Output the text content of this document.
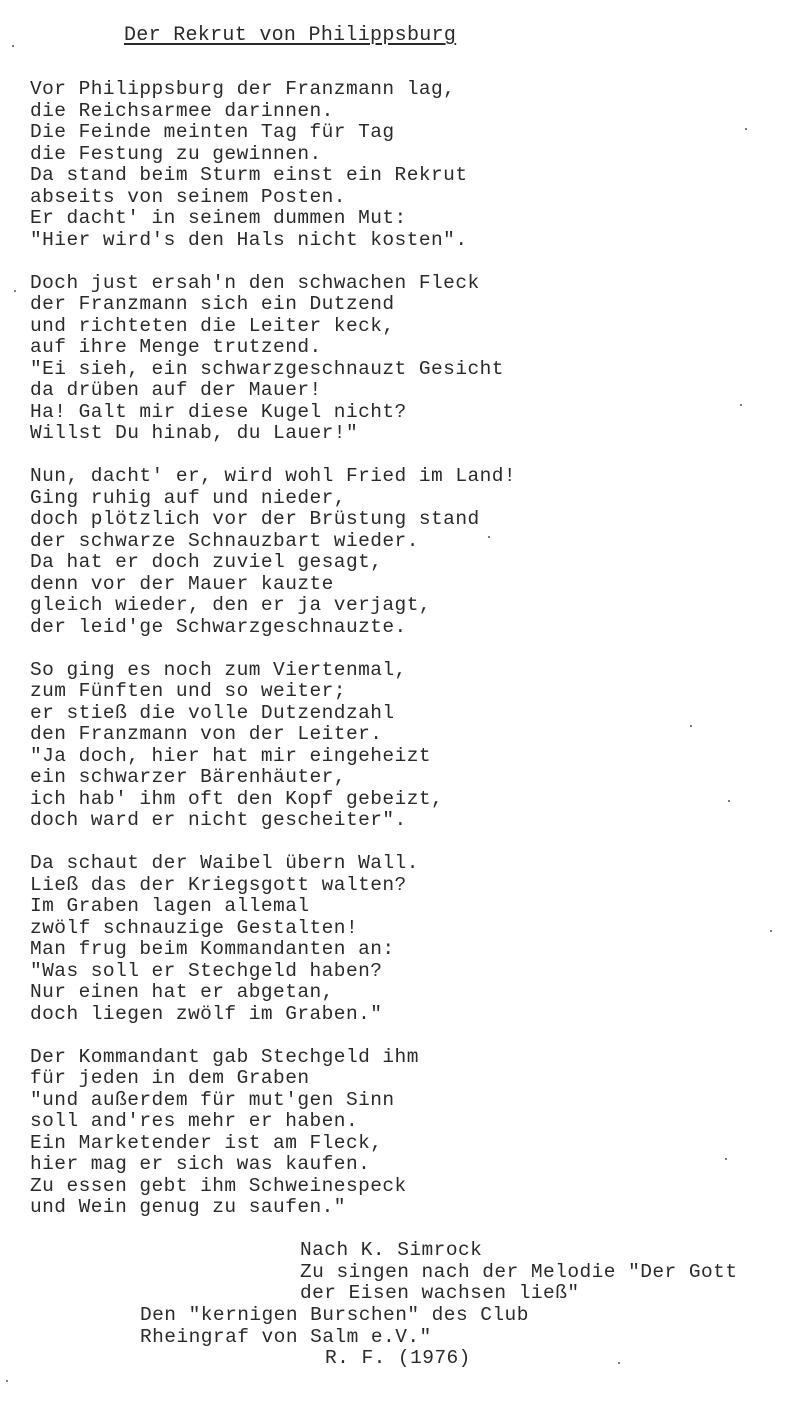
Der Rekrut von Philippsburg
Vor Philippsburg der Franzmann lag,
die Reichsarmee darinnen.
Die Feinde meinten Tag für Tag
die Festung zu gewinnen.
Da stand beim Sturm einst ein Rekrut
abseits von seinem Posten.
Er dacht' in seinem dummen Mut:
"Hier wird's den Hals nicht kosten".
Doch just ersah'n den schwachen Fleck
der Franzmann sich ein Dutzend
und richteten die Leiter keck,
auf ihre Menge trutzend.
"Ei sieh, ein schwarzgeschnauzt Gesicht
da drüben auf der Mauer!
Ha! Galt mir diese Kugel nicht?
Willst Du hinab, du Lauer!"
Nun, dacht' er, wird wohl Fried im Land!
Ging ruhig auf und nieder,
doch plötzlich vor der Brüstung stand
der schwarze Schnauzbart wieder.
Da hat er doch zuviel gesagt,
denn vor der Mauer kauzte
gleich wieder, den er ja verjagt,
der leid'ge Schwarzgeschnauzte.
So ging es noch zum Viertenmal,
zum Fünften und so weiter;
er stieß die volle Dutzendzahl
den Franzmann von der Leiter.
"Ja doch, hier hat mir eingeheizt
ein schwarzer Bärenhäuter,
ich hab' ihm oft den Kopf gebeizt,
doch ward er nicht gescheiter".
Da schaut der Waibel übern Wall.
Ließ das der Kriegsgott walten?
Im Graben lagen allemal
zwölf schnauzige Gestalten!
Man frug beim Kommandanten an:
"Was soll er Stechgeld haben?
Nur einen hat er abgetan,
doch liegen zwölf im Graben."
Der Kommandant gab Stechgeld ihm
für jeden in dem Graben
"und außerdem für mut'gen Sinn
soll and'res mehr er haben.
Ein Marketender ist am Fleck,
hier mag er sich was kaufen.
Zu essen gebt ihm Schweinespeck
und Wein genug zu saufen."
Nach K. Simrock
Zu singen nach der Melodie "Der Gott
der Eisen wachsen ließ"
Den "kernigen Burschen" des Club
Rheingraf von Salm e.V."
R. F. (1976)
